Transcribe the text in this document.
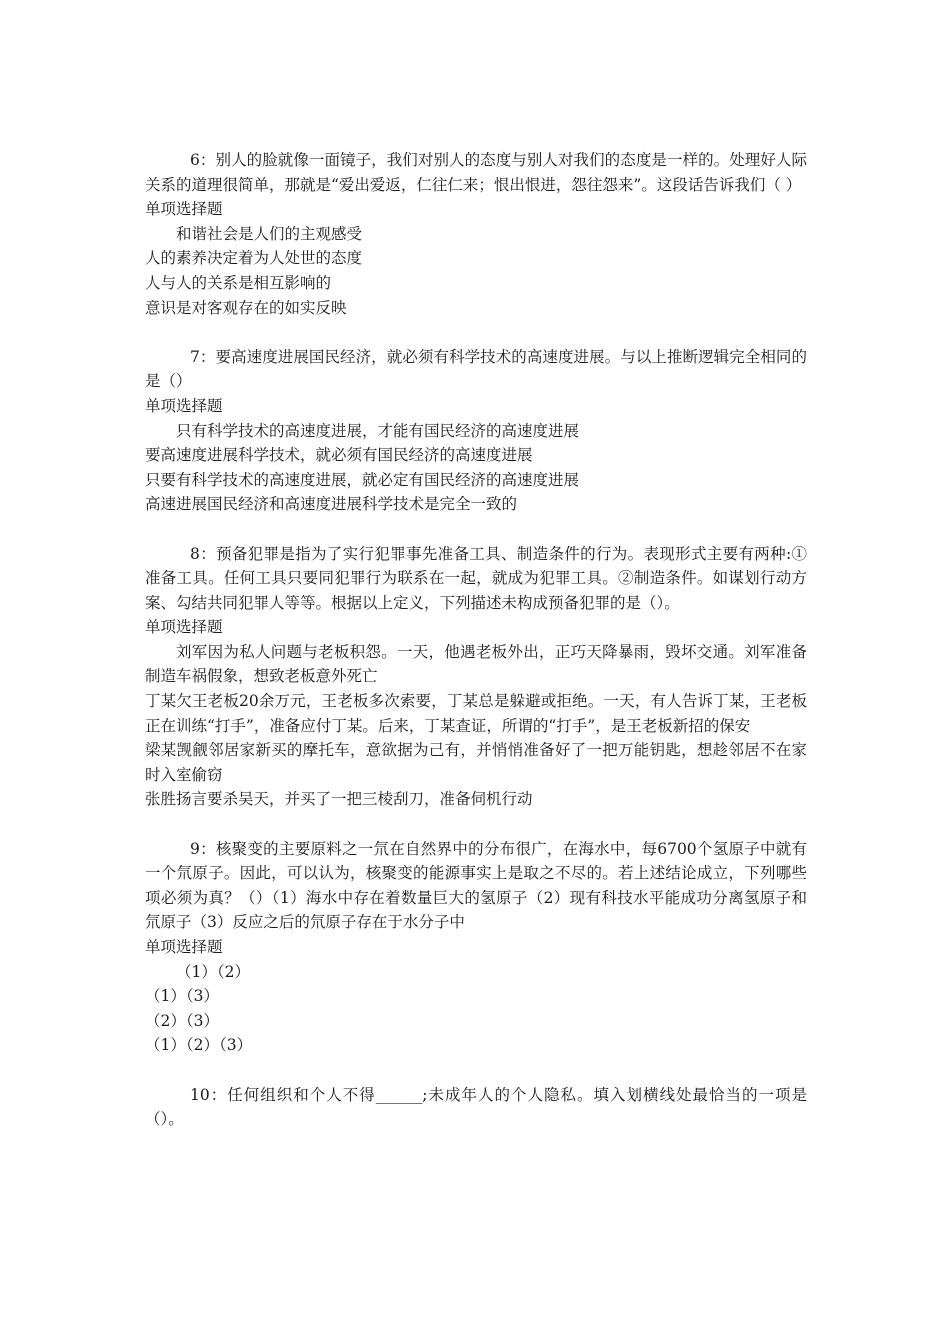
6：别人的脸就像一面镜子，我们对别人的态度与别人对我们的态度是一样的。处理好人际关系的道理很简单，那就是“爱出爱返，仁往仁来；恨出恨进，怨往怨来”。这段话告诉我们（ ）

单项选择题

和谐社会是人们的主观感受
人的素养决定着为人处世的态度
人与人的关系是相互影响的
意识是对客观存在的如实反映

7：要高速度进展国民经济，就必须有科学技术的高速度进展。与以上推断逻辑完全相同的是（）

单项选择题

只有科学技术的高速度进展，才能有国民经济的高速度进展
要高速度进展科学技术，就必须有国民经济的高速度进展
只要有科学技术的高速度进展，就必定有国民经济的高速度进展
高速进展国民经济和高速度进展科学技术是完全一致的

8：预备犯罪是指为了实行犯罪事先准备工具、制造条件的行为。表现形式主要有两种:① 准备工具。任何工具只要同犯罪行为联系在一起，就成为犯罪工具。②制造条件。如谋划行动方案、勾结共同犯罪人等等。根据以上定义，下列描述未构成预备犯罪的是（）。

单项选择题

刘军因为私人问题与老板积怨。一天，他遇老板外出，正巧天降暴雨，毁坏交通。刘军准备制造车祸假象，想致老板意外死亡
丁某欠王老板20余万元，王老板多次索要，丁某总是躲避或拒绝。一天，有人告诉丁某，王老板正在训练“打手”，准备应付丁某。后来，丁某查证，所谓的“打手”，是王老板新招的保安
梁某觊觎邻居家新买的摩托车，意欲据为己有，并悄悄准备好了一把万能钥匙，想趁邻居不在家时入室偷窃
张胜扬言要杀吴天，并买了一把三棱刮刀，准备伺机行动

9：核聚变的主要原料之一氘在自然界中的分布很广，在海水中，每6700个氢原子中就有一个氘原子。因此，可以认为，核聚变的能源事实上是取之不尽的。若上述结论成立，下列哪些项必须为真？（）（1）海水中存在着数量巨大的氢原子（2）现有科技水平能成功分离氢原子和氘原子（3）反应之后的氘原子存在于水分子中

单项选择题

（1）（2）
（1）（3）
（2）（3）
（1）（2）（3）

10：任何组织和个人不得______;未成年人的个人隐私。填入划横线处最恰当的一项是（）。
